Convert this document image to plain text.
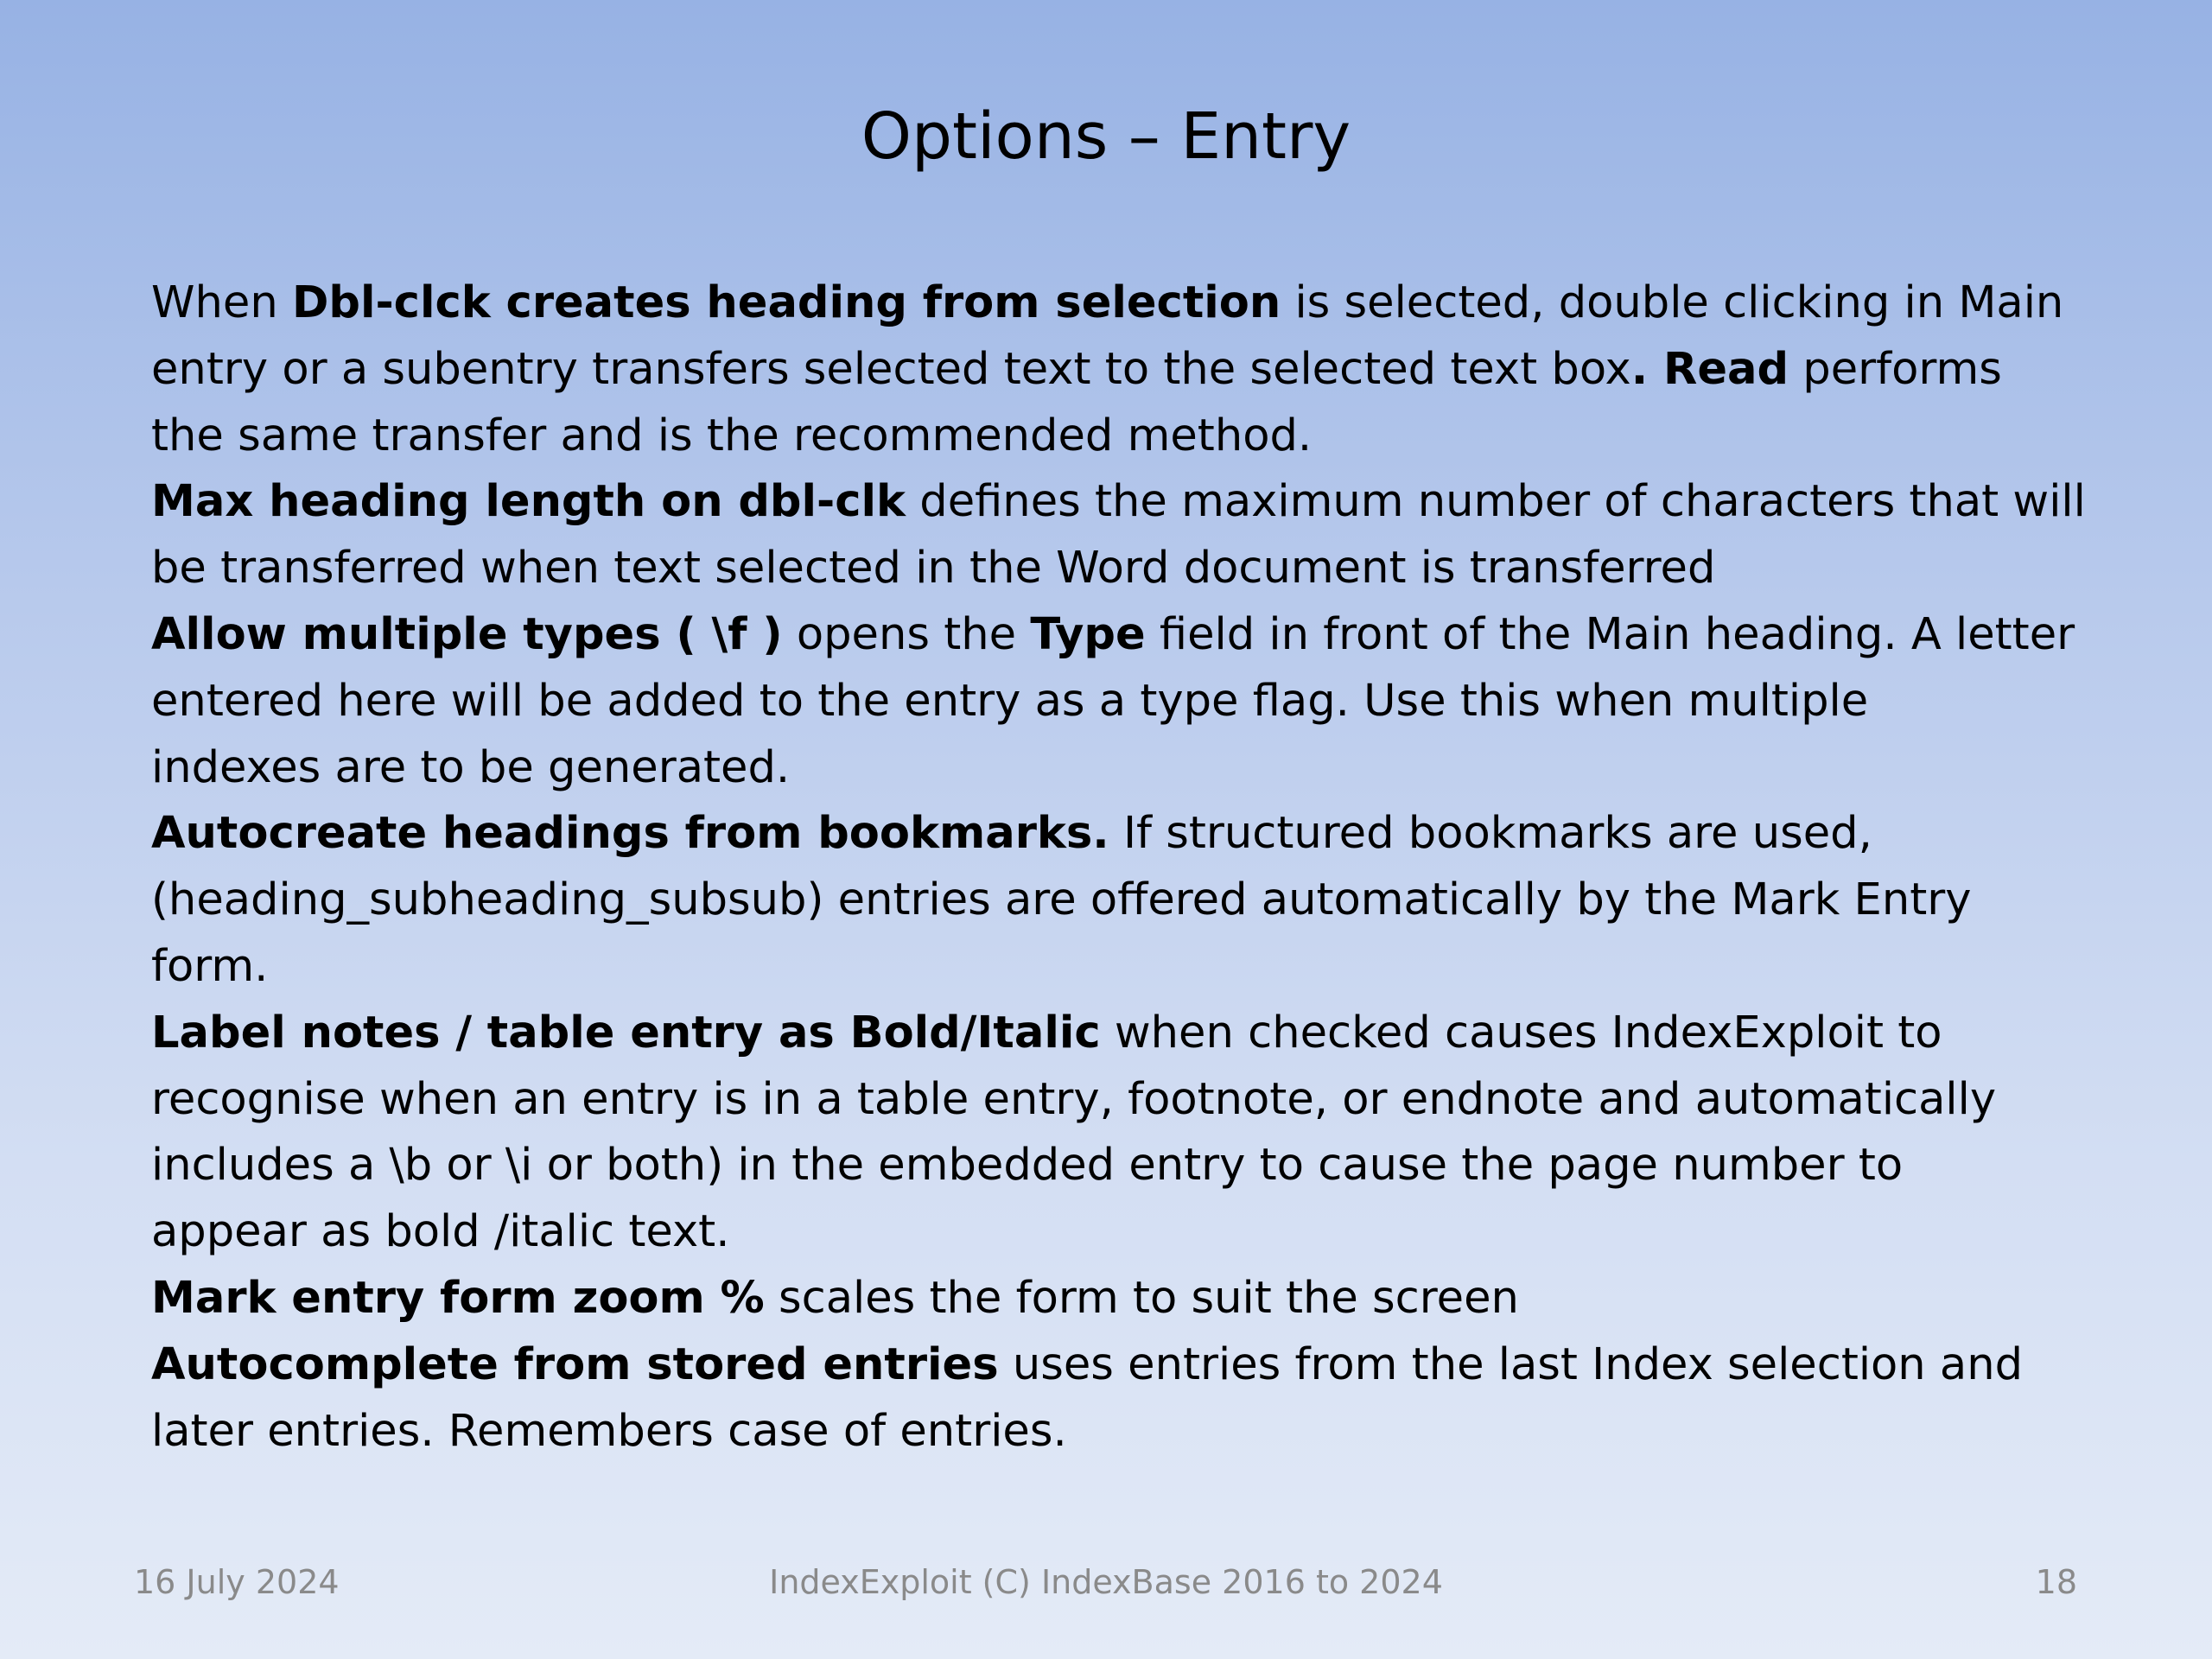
Options – Entry
When Dbl-clck creates heading from selection is selected, double clicking in Main
entry or a subentry transfers selected text to the selected text box. Read performs
the same transfer and is the recommended method.
Max heading length on dbl-clk defines the maximum number of characters that will
be transferred when text selected in the Word document is transferred
Allow multiple types ( \f ) opens the Type field in front of the Main heading. A letter
entered here will be added to the entry as a type flag. Use this when multiple
indexes are to be generated.
Autocreate headings from bookmarks. If structured bookmarks are used,
(heading_subheading_subsub) entries are offered automatically by the Mark Entry
form.
Label notes / table entry as Bold/Italic when checked causes IndexExploit to
recognise when an entry is in a table entry, footnote, or endnote and automatically
includes a \b or \i or both) in the embedded entry to cause the page number to
appear as bold /italic text.
Mark entry form zoom % scales the form to suit the screen
Autocomplete from stored entries uses entries from the last Index selection and
later entries. Remembers case of entries.
16 July 2024	IndexExploit (C) IndexBase 2016 to 2024	18
